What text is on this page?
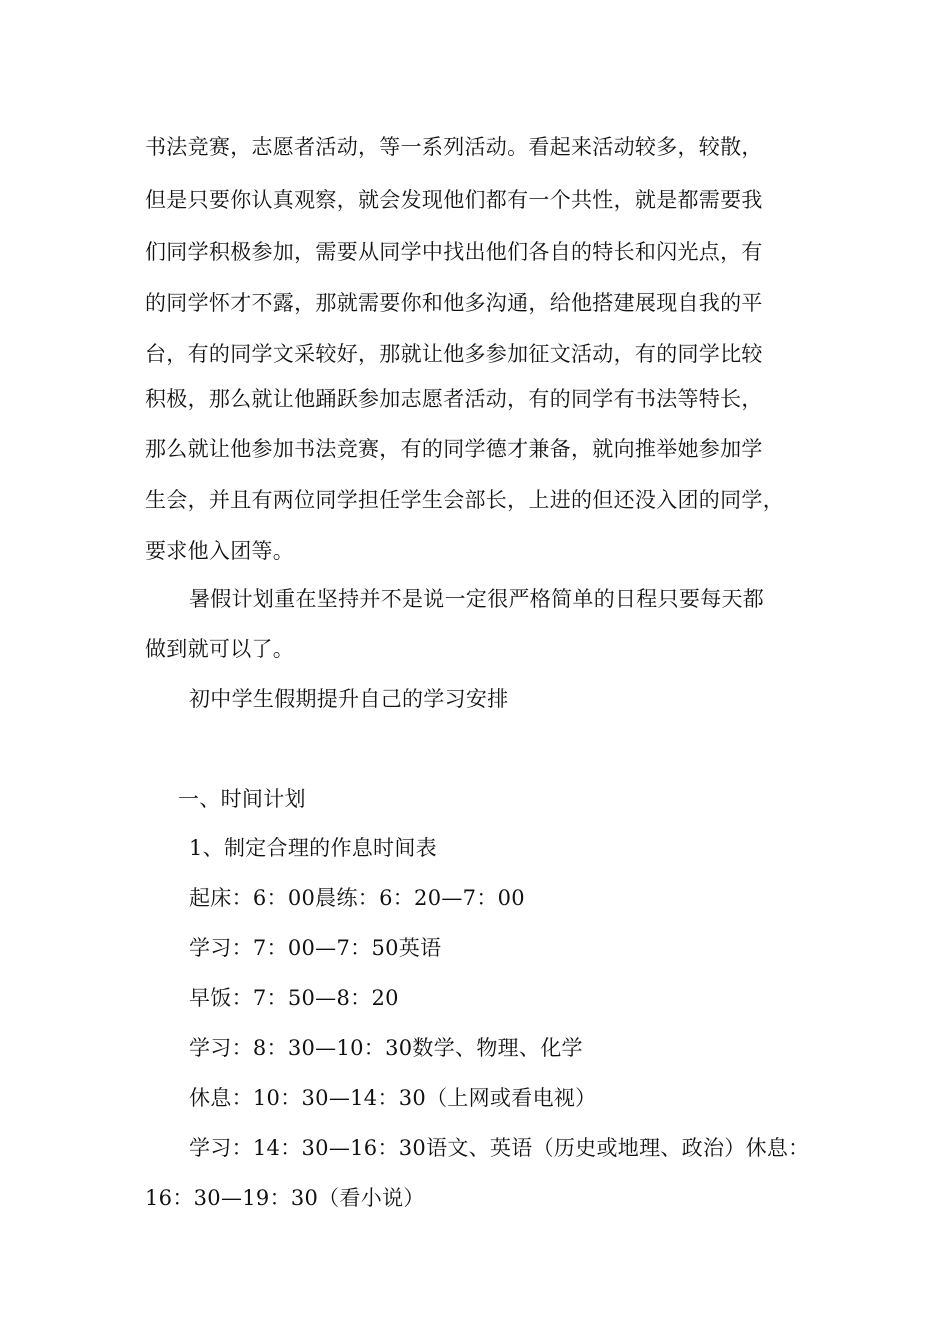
书法竞赛，志愿者活动，等一系列活动。看起来活动较多，较散，
但是只要你认真观察，就会发现他们都有一个共性，就是都需要我
们同学积极参加，需要从同学中找出他们各自的特长和闪光点，有
的同学怀才不露，那就需要你和他多沟通，给他搭建展现自我的平
台，有的同学文采较好，那就让他多参加征文活动，有的同学比较
积极，那么就让他踊跃参加志愿者活动，有的同学有书法等特长，
那么就让他参加书法竞赛，有的同学德才兼备，就向推举她参加学
生会，并且有两位同学担任学生会部长，上进的但还没入团的同学，
要求他入团等。
暑假计划重在坚持并不是说一定很严格简单的日程只要每天都
做到就可以了。
初中学生假期提升自己的学习安排
一、时间计划
1、制定合理的作息时间表
起床：6：00晨练：6：20—7：00
学习：7：00—7：50英语
早饭：7：50—8：20
学习：8：30—10：30数学、物理、化学
休息：10：30—14：30（上网或看电视）
学习：14：30—16：30语文、英语（历史或地理、政治）休息：
16：30—19：30（看小说）
